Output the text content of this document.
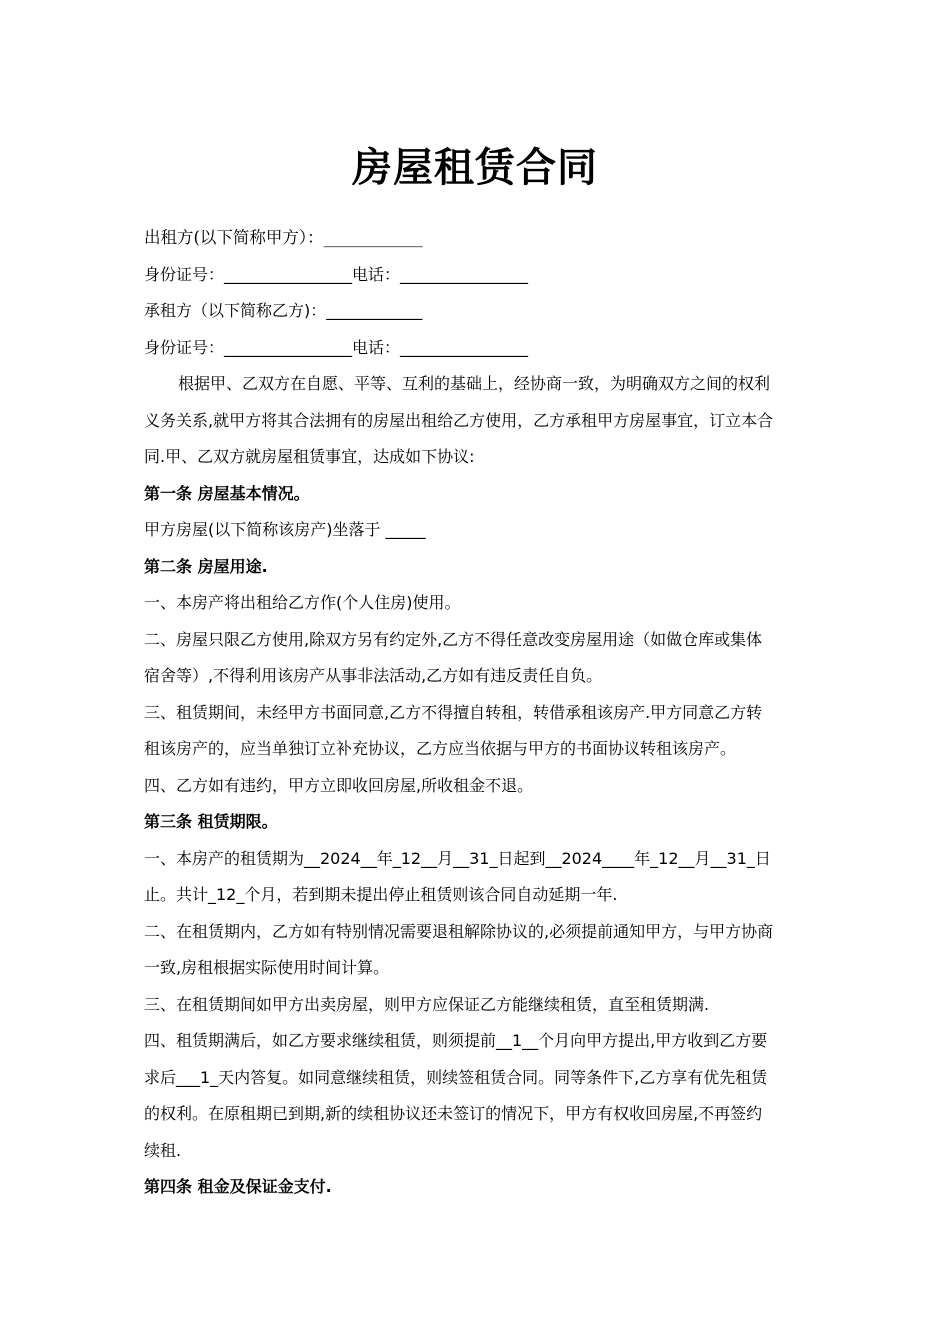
房屋租赁合同
出租方(以下简称甲方）：____________
身份证号：________________电话：________________
承租方（以下简称乙方)：____________
身份证号：________________电话：________________
根据甲、乙双方在自愿、平等、互利的基础上，经协商一致，为明确双方之间的权利
义务关系,就甲方将其合法拥有的房屋出租给乙方使用，乙方承租甲方房屋事宜，订立本合
同.甲、乙双方就房屋租赁事宜，达成如下协议:
第一条 房屋基本情况。
甲方房屋(以下简称该房产)坐落于 _____
第二条 房屋用途.
一、本房产将出租给乙方作(个人住房)使用。
二、房屋只限乙方使用,除双方另有约定外,乙方不得任意改变房屋用途（如做仓库或集体
宿舍等）,不得利用该房产从事非法活动,乙方如有违反责任自负。
三、租赁期间，未经甲方书面同意,乙方不得擅自转租，转借承租该房产.甲方同意乙方转
租该房产的，应当单独订立补充协议，乙方应当依据与甲方的书面协议转租该房产。
四、乙方如有违约，甲方立即收回房屋,所收租金不退。
第三条 租赁期限。
一、本房产的租赁期为__2024__年_12__月__31_日起到__2024____年_12__月__31_日
止。共计_12_个月，若到期未提出停止租赁则该合同自动延期一年.
二、在租赁期内，乙方如有特别情况需要退租解除协议的,必须提前通知甲方，与甲方协商
一致,房租根据实际使用时间计算。
三、在租赁期间如甲方出卖房屋，则甲方应保证乙方能继续租赁，直至租赁期满.
四、租赁期满后，如乙方要求继续租赁，则须提前__1__个月向甲方提出,甲方收到乙方要
求后___1_天内答复。如同意继续租赁，则续签租赁合同。同等条件下,乙方享有优先租赁
的权利。在原租期已到期,新的续租协议还未签订的情况下，甲方有权收回房屋,不再签约
续租.
第四条 租金及保证金支付.
